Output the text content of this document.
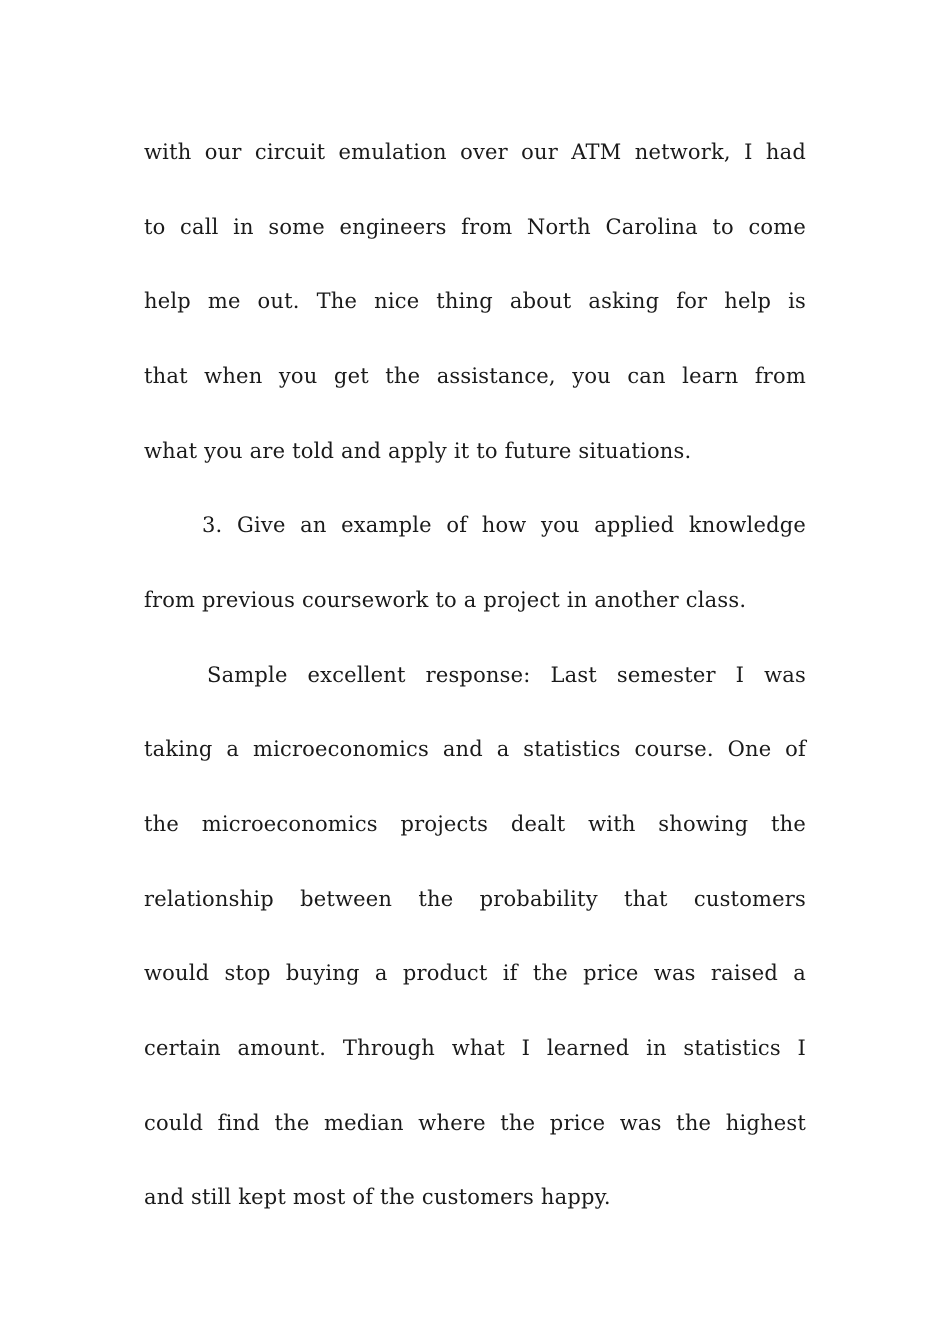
with our circuit emulation over our ATM network, I had
to call in some engineers from North Carolina to come
help me out. The nice thing about asking for help is
that when you get the assistance, you can learn from
what you are told and apply it to future situations.
3. Give an example of how you applied knowledge
from previous coursework to a project in another class.
Sample excellent response: Last semester I was
taking a microeconomics and a statistics course. One of
the microeconomics projects dealt with showing the
relationship between the probability that customers
would stop buying a product if the price was raised a
certain amount. Through what I learned in statistics I
could find the median where the price was the highest
and still kept most of the customers happy.
